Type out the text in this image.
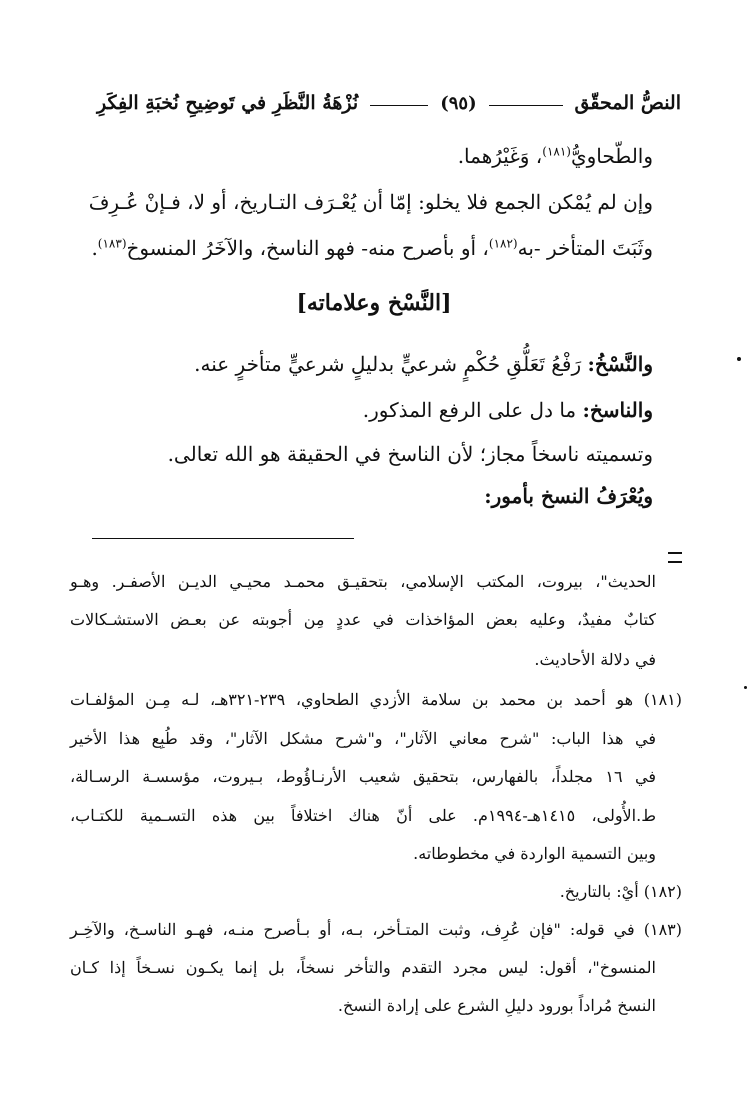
النصُّ المحقّق
(٩٥)
نُزْهَةُ النَّظَرِ في تَوضِيحِ نُخبَةِ الفِكَرِ
والطّحاويُّ$^{(١٨١)}$، وَغَيْرُهما.
وإن لم يُمْكن الجمع فلا يخلو: إمّا أن يُعْـرَف التـاريخ، أو لا، فـإنْ عُـرِفَ
وثَبَتَ المتأخر ‑به$^{(١٨٢)}$، أو بأصرح منه‑ فهو الناسخ، والآخَرُ المنسوخ$^{(١٨٣)}$.
[النَّسْخ وعلاماته]
والنَّسْخُ: رَفْعُ تَعَلُّقِ حُكْمٍ شرعيٍّ بدليلٍ شرعيٍّ متأخرٍ عنه.
والناسخ: ما دل على الرفع المذكور.
وتسميته ناسخاً مجاز؛ لأن الناسخ في الحقيقة هو الله تعالى.
ويُعْرَفُ النسخ بأمور:
الحديث"، بيروت، المكتب الإسلامي، بتحقيـق محمـد محيـي الديـن الأصفـر. وهـو
كتابٌ مفيدٌ، وعليه بعض المؤاخذات في عددٍ مِن أجوبته عن بعـض الاستشـكالات
في دلالة الأحاديث.
(١٨١) هو أحمد بن محمد بن سلامة الأزدي الطحاوي، ٢٣٩-٣٢١هـ، لـه مِـن المؤلفـات
في هذا الباب: "شرح معاني الآثار"، و"شرح مشكل الآثار"، وقد طُبِع هذا الأخير
في ١٦ مجلداً، بالفهارس، بتحقيق شعيب الأرنـاؤُوط، بـيروت، مؤسسـة الرسـالة،
ط.الأُولى، ١٤١٥هـ-١٩٩٤م. على أنّ هناك اختلافاً بين هذه التسـمية للكتـاب،
وبين التسمية الواردة في مخطوطاته.
(١٨٢) أيْ: بالتاريخ.
(١٨٣) في قوله: "فإن عُرِف، وثبت المتـأخر، بـه، أو بـأصرح منـه، فهـو الناسـخ، والآخِـر
المنسوخ"، أقول: ليس مجرد التقدم والتأخر نسخاً، بل إنما يكـون نسـخاً إذا كـان
النسخ مُراداً بورود دليلِ الشرع على إرادة النسخ.
